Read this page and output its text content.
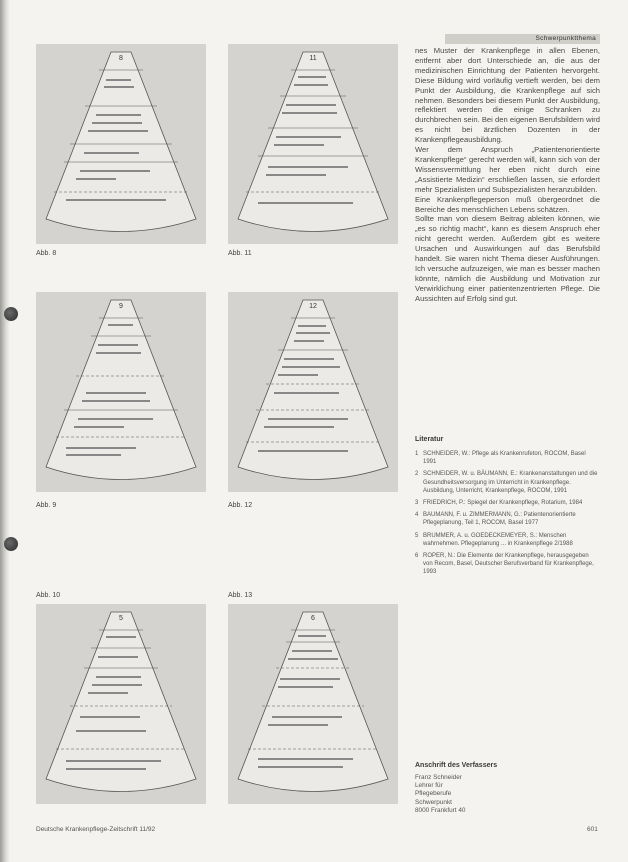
Schwerpunktthema
8
Abb. 8
11
Abb. 11
9
Abb. 9
12
Abb. 12
5
Abb. 10
6
Abb. 13

nes Muster der Krankenpflege in allen Ebenen, entfernt aber dort Unterschiede an, die aus der medizinischen Einrichtung der Patienten hervorgeht. Diese Bildung wird vorläufig vertieft werden, bei dem Punkt der Ausbildung, die Krankenpflege auf sich nehmen. Besonders bei diesem Punkt der Ausbildung, reflektiert werden die einige Schranken zu durchbrechen sein. Bei den eigenen Berufsbildern wird es nicht bei ärztlichen Dozenten in der Krankenpflegeausbildung.

Wer dem Anspruch „Patientenorientierte Krankenpflege“ gerecht werden will, kann sich von der Wissensvermittlung her eben nicht durch eine „Assistierte Medizin“ erschließen lassen, sie erfordert mehr Spezialisten und Subspezialisten heranzubilden.

Eine Krankenpflegeperson muß übergeordnet die Bereiche des menschlichen Lebens schätzen.

Sollte man von diesem Beitrag ableiten können, wie „es so richtig macht“, kann es diesem Anspruch eher nicht gerecht werden. Außerdem gibt es weitere Ursachen und Auswirkungen auf das Berufsbild handelt. Sie waren nicht Thema dieser Ausführungen. Ich versuche aufzuzeigen, wie man es besser machen könnte, nämlich die Ausbildung und Motivation zur Verwirklichung einer patientenzentrierten Pflege. Die Aussichten auf Erfolg sind gut.

Literatur
1 SCHNEIDER, W.: Pflege als Krankenrufeton, ROCOM, Basel 1991
2 SCHNEIDER, W. u. BÄUMANN, E.: Krankenanstaltungen und die Gesundheitsversorgung im Unterricht in Krankenpflege. Ausbildung, Unterricht, Krankenpflege, ROCOM, 1991
3 FRIEDRICH, P.: Spiegel der Krankenpflege, Rotarium, 1984
4 BAUMANN, F. u. ZIMMERMANN, G.: Patientenorientierte Pflegeplanung, Teil 1, ROCOM, Basel 1977
5 BRUMMER, A. u. GOEDECKEMEYER, S.: Menschen wahrnehmen. Pflegeplanung ... in Krankenpflege 2/1988
6 ROPER, N.: Die Elemente der Krankenpflege, herausgegeben von Recom, Basel, Deutscher Berufsverband für Krankenpflege, 1993
Anschrift des Verfassers
Franz Schneider
Lehrer für
Pflegeberufe
Schwerpunkt
8000 Frankfurt 40
Deutsche Krankenpflege-Zeitschrift 11/92	601
